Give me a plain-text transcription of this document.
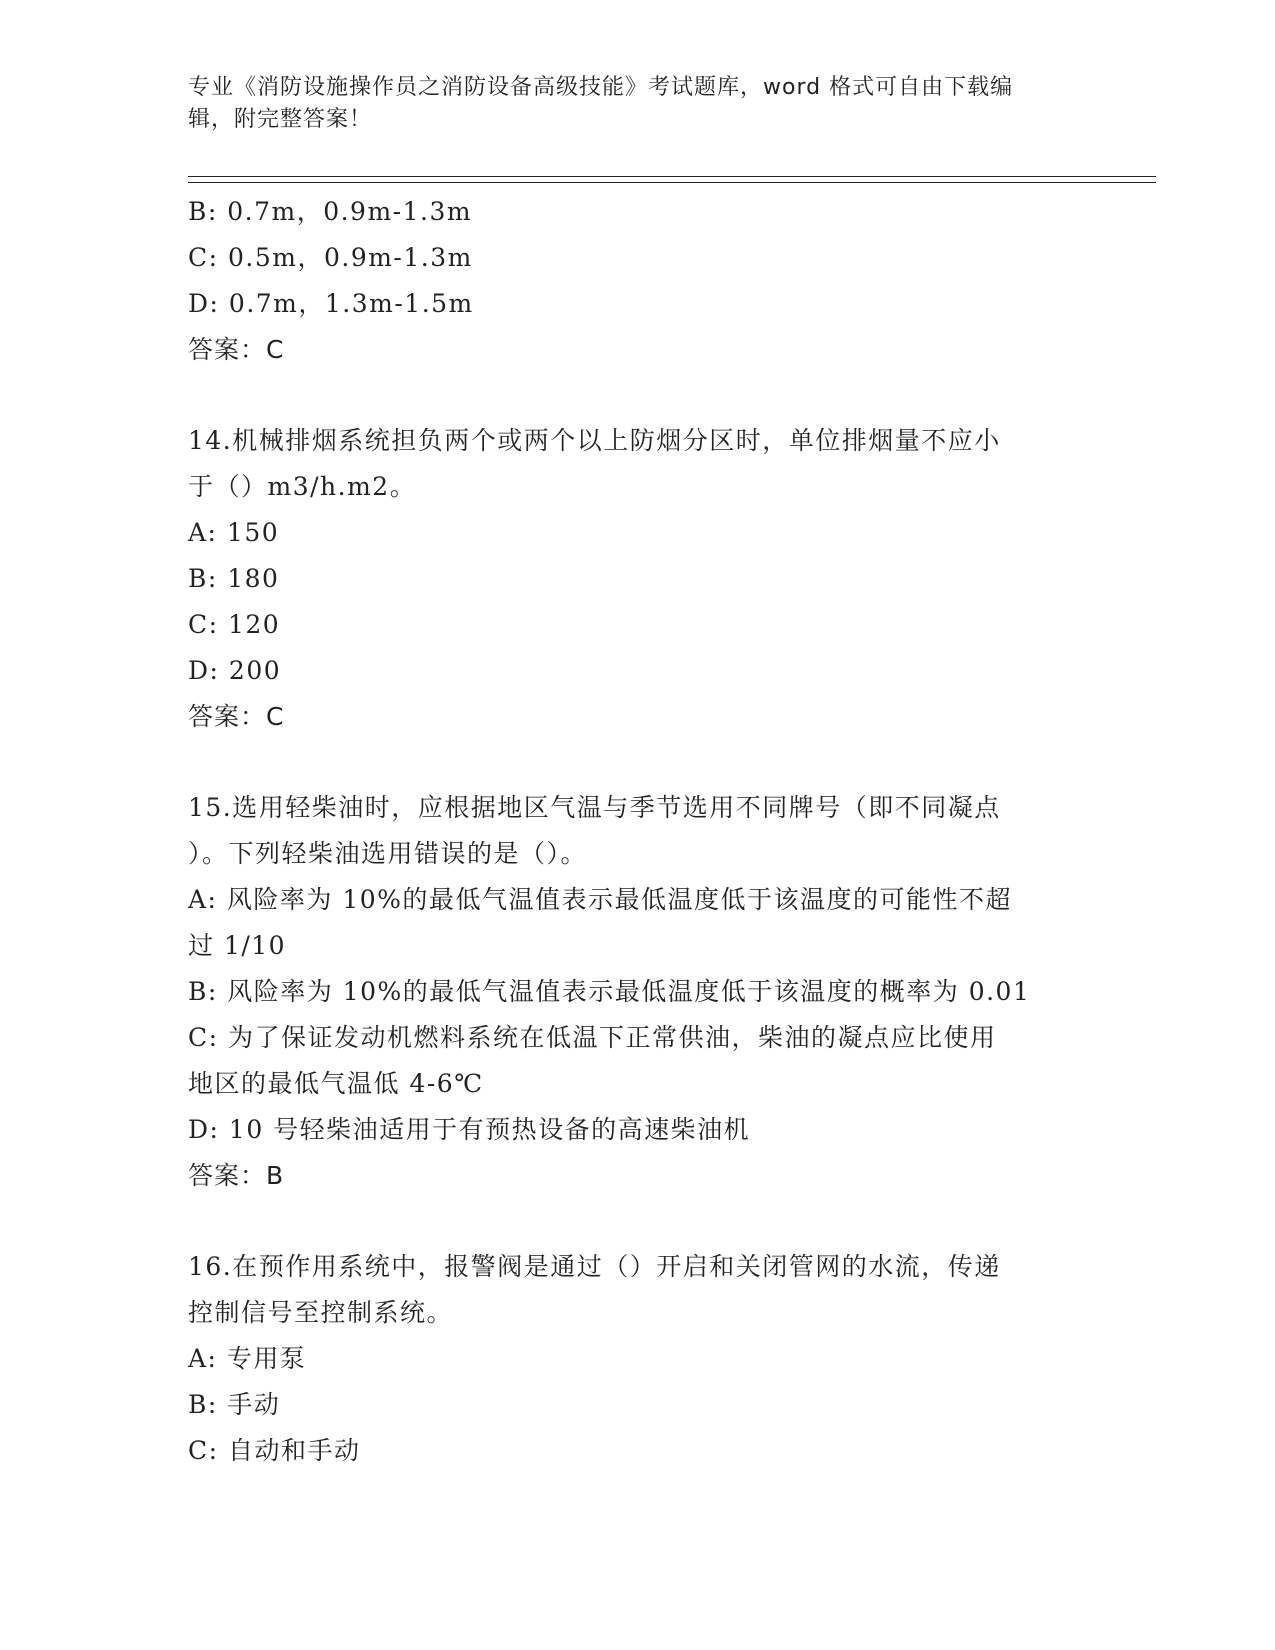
专业《消防设施操作员之消防设备高级技能》考试题库，word 格式可自由下载编
辑，附完整答案！
B: 0.7m，0.9m-1.3m
C: 0.5m，0.9m-1.3m
D: 0.7m，1.3m-1.5m
答案：C
14.机械排烟系统担负两个或两个以上防烟分区时，单位排烟量不应小
于（）m3/h.m2。
A: 150
B: 180
C: 120
D: 200
答案：C
15.选用轻柴油时，应根据地区气温与季节选用不同牌号（即不同凝点
）。下列轻柴油选用错误的是（）。
A: 风险率为 10%的最低气温值表示最低温度低于该温度的可能性不超
过 1/10
B: 风险率为 10%的最低气温值表示最低温度低于该温度的概率为 0.01
C: 为了保证发动机燃料系统在低温下正常供油，柴油的凝点应比使用
地区的最低气温低 4-6℃
D: 10 号轻柴油适用于有预热设备的高速柴油机
答案：B
16.在预作用系统中，报警阀是通过（）开启和关闭管网的水流，传递
控制信号至控制系统。
A: 专用泵
B: 手动
C: 自动和手动
